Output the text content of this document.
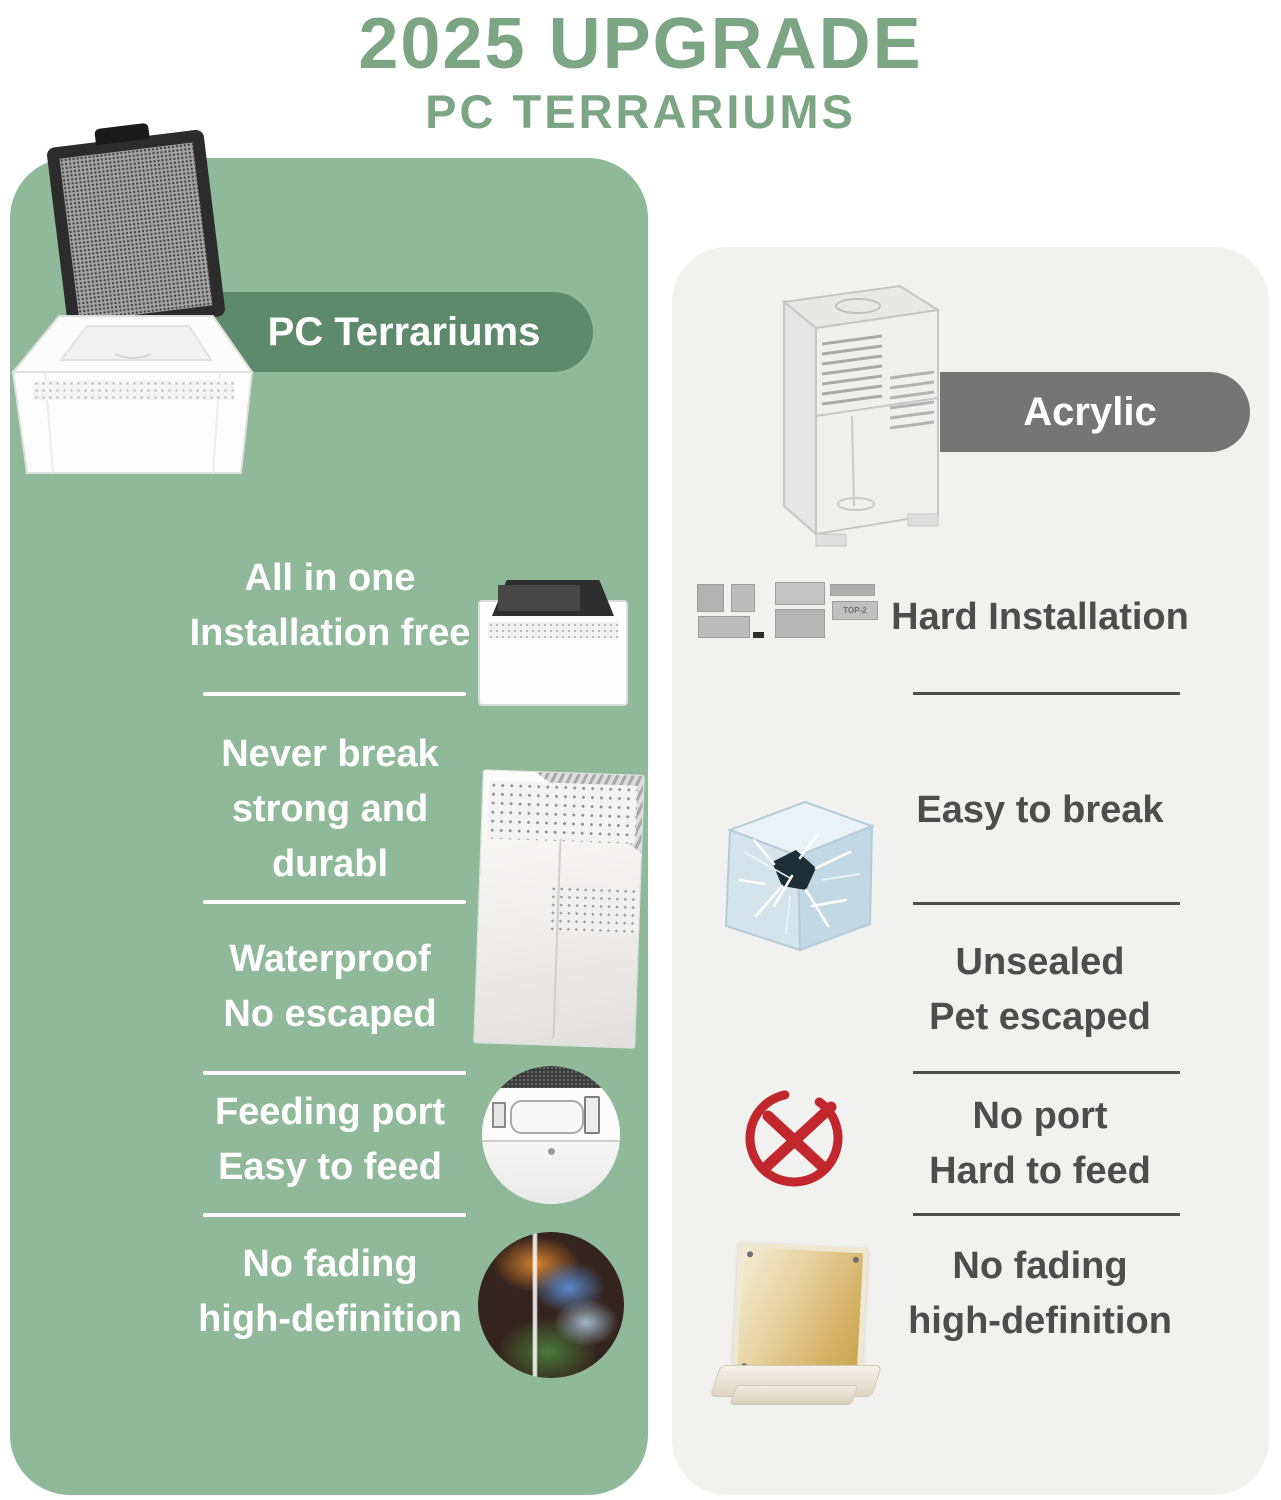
2025 UPGRADE
PC TERRARIUMS
PC Terrariums
Acrylic
TOP-2
All in one
Installation free
Never break
strong and
durabl
Waterproof
No escaped
Feeding port
Easy to feed
No fading
high-definition
Hard Installation
Easy to break
Unsealed
Pet escaped
No port
Hard to feed
No fading
high-definition
